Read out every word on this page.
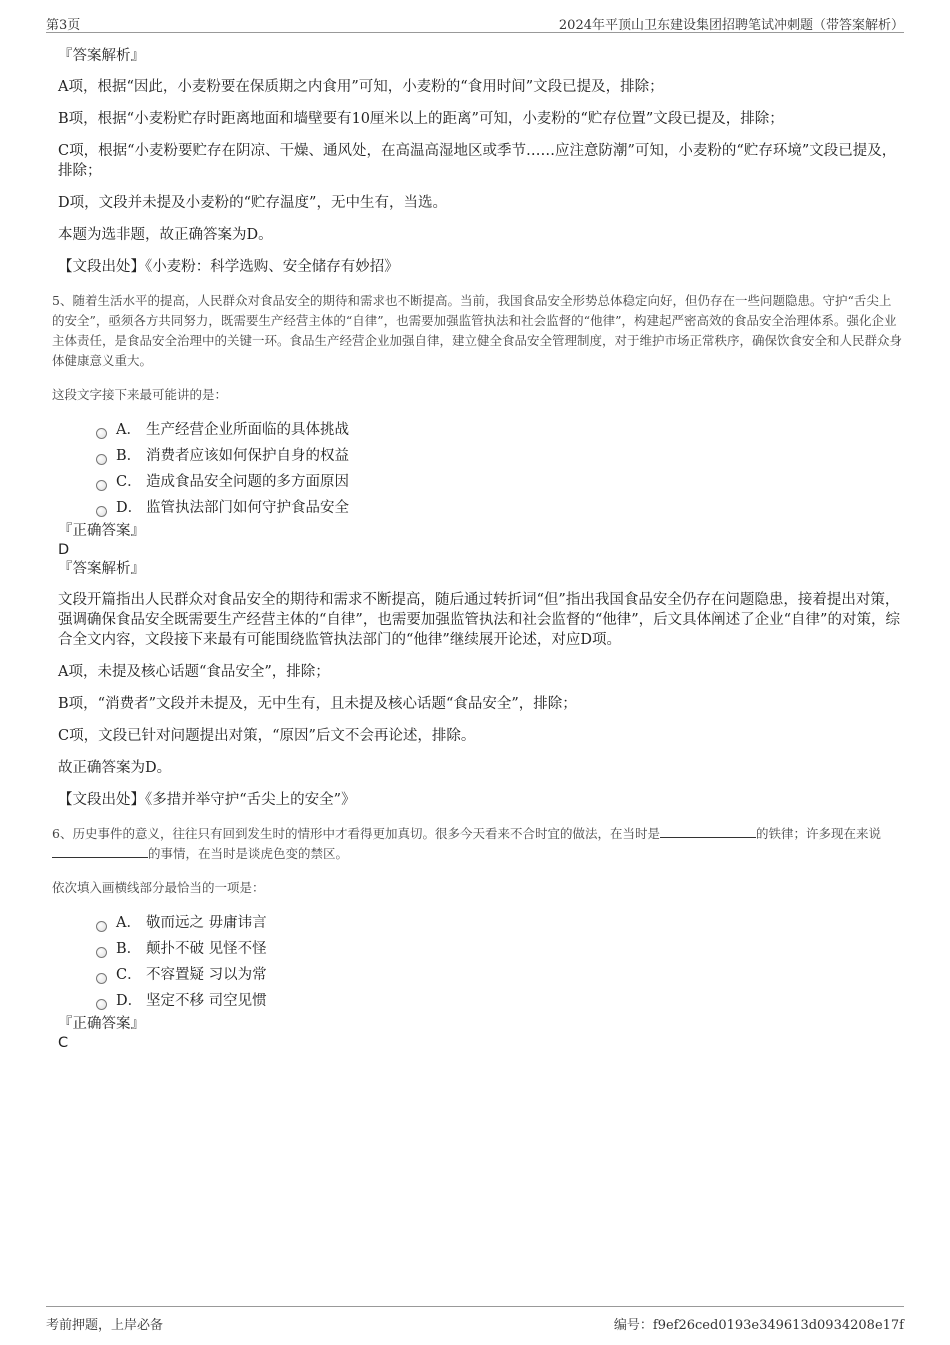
第3页	2024年平顶山卫东建设集团招聘笔试冲刺题（带答案解析）
『答案解析』
A项，根据“因此，小麦粉要在保质期之内食用”可知，小麦粉的“食用时间”文段已提及，排除；
B项，根据“小麦粉贮存时距离地面和墙壁要有10厘米以上的距离”可知，小麦粉的“贮存位置”文段已提及，排除；
C项，根据“小麦粉要贮存在阴凉、干燥、通风处，在高温高湿地区或季节……应注意防潮”可知，小麦粉的“贮存环境”文段已提及，排除；
D项，文段并未提及小麦粉的“贮存温度”，无中生有，当选。
本题为选非题，故正确答案为D。
【文段出处】《小麦粉：科学选购、安全储存有妙招》

5、随着生活水平的提高，人民群众对食品安全的期待和需求也不断提高。当前，我国食品安全形势总体稳定向好，但仍存在一些问题隐患。守护“舌尖上的安全”，亟须各方共同努力，既需要生产经营主体的“自律”，也需要加强监管执法和社会监督的“他律”，构建起严密高效的食品安全治理体系。强化企业主体责任，是食品安全治理中的关键一环。食品生产经营企业加强自律，建立健全食品安全管理制度，对于维护市场正常秩序，确保饮食安全和人民群众身体健康意义重大。

这段文字接下来最可能讲的是：

A． 生产经营企业所面临的具体挑战
B． 消费者应该如何保护自身的权益
C． 造成食品安全问题的多方面原因
D． 监管执法部门如何守护食品安全
『正确答案』
D
『答案解析』
文段开篇指出人民群众对食品安全的期待和需求不断提高，随后通过转折词“但”指出我国食品安全仍存在问题隐患，接着提出对策，强调确保食品安全既需要生产经营主体的“自律”，也需要加强监管执法和社会监督的“他律”，后文具体阐述了企业“自律”的对策，综合全文内容，文段接下来最有可能围绕监管执法部门的“他律”继续展开论述，对应D项。
A项，未提及核心话题“食品安全”，排除；
B项，“消费者”文段并未提及，无中生有，且未提及核心话题“食品安全”，排除；
C项，文段已针对问题提出对策，“原因”后文不会再论述，排除。
故正确答案为D。
【文段出处】《多措并举守护“舌尖上的安全”》

6、历史事件的意义，往往只有回到发生时的情形中才看得更加真切。很多今天看来不合时宜的做法，在当时是	的铁律；许多现在来说的事情，在当时是谈虎色变的禁区。

依次填入画横线部分最恰当的一项是：

A． 敬而远之 毋庸讳言
B． 颠扑不破 见怪不怪
C． 不容置疑 习以为常
D． 坚定不移 司空见惯
『正确答案』
C
考前押题，上岸必备	编号：f9ef26ced0193e349613d0934208e17f
